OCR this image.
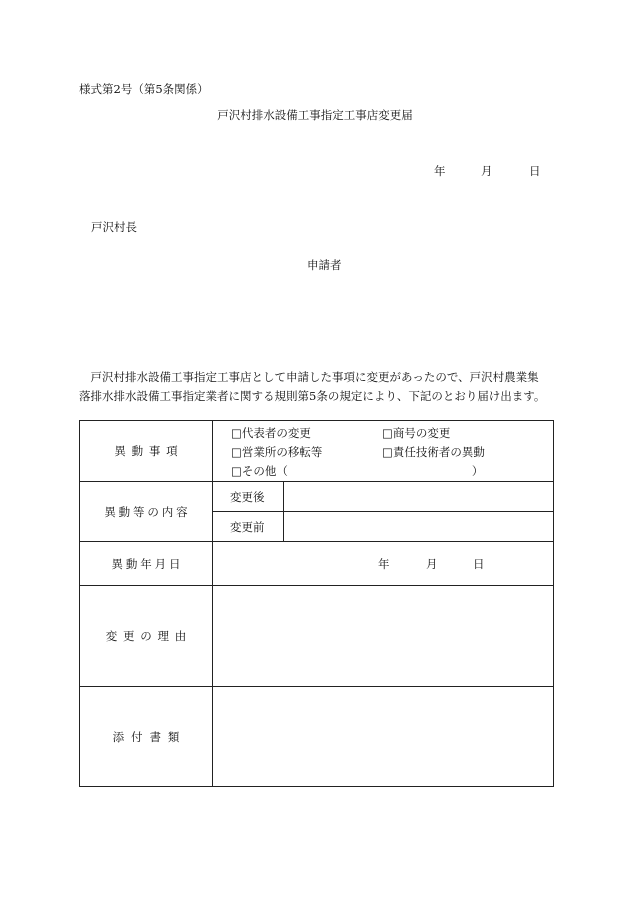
様式第2号（第5条関係）
戸沢村排水設備工事指定工事店変更届
年	月	日
戸沢村長
申請者

　戸沢村排水設備工事指定工事店として申請した事項に変更があったので、戸沢村農業集

落排水排水設備工事指定業者に関する規則第5条の規定により、下記のとおり届け出ます。

異動事項	□代表者の変更 □商号の変更
□営業所の移転等 □責任技術者の異動
□その他（　　　　　　　　　　　　　　　　）	

異動等の内容	変更後	
	変更前	
異動年月日	年 月 日	

変更の理由		
添付書類		
